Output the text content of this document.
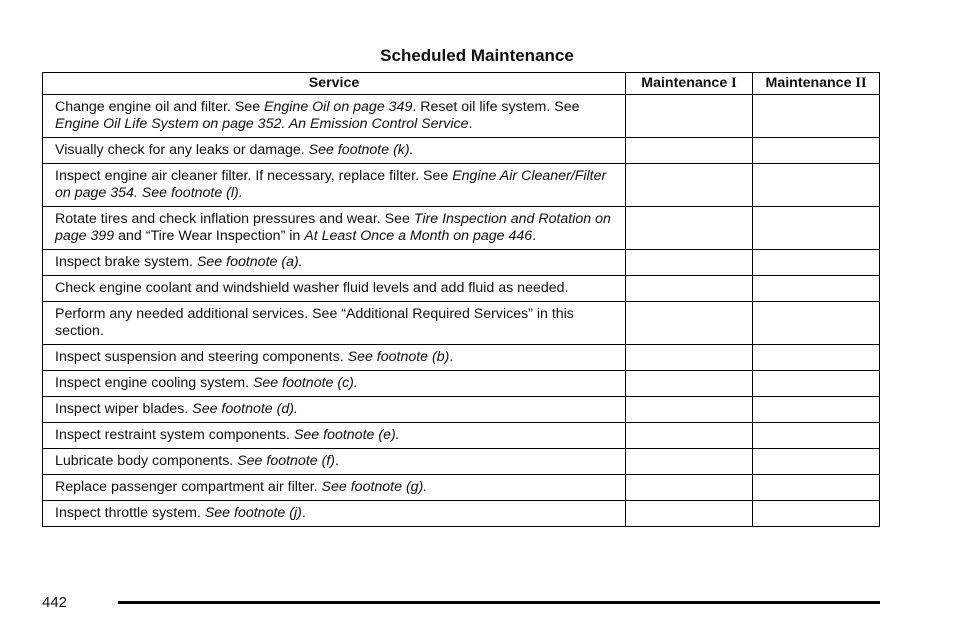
Scheduled Maintenance
Service	Maintenance I	Maintenance II
Change engine oil and filter. See Engine Oil on page 349. Reset oil life system. See Engine Oil Life System on page 352. An Emission Control Service.		
Visually check for any leaks or damage. See footnote (k).		
Inspect engine air cleaner filter. If necessary, replace filter. See Engine Air Cleaner/Filter on page 354. See footnote (l).		
Rotate tires and check inflation pressures and wear. See Tire Inspection and Rotation on page 399 and “Tire Wear Inspection” in At Least Once a Month on page 446.		
Inspect brake system. See footnote (a).		
Check engine coolant and windshield washer fluid levels and add fluid as needed.		
Perform any needed additional services. See “Additional Required Services” in this section.		
Inspect suspension and steering components. See footnote (b).		
Inspect engine cooling system. See footnote (c).		
Inspect wiper blades. See footnote (d).		
Inspect restraint system components. See footnote (e).		
Lubricate body components. See footnote (f).		
Replace passenger compartment air filter. See footnote (g).		
Inspect throttle system. See footnote (j).		
442
